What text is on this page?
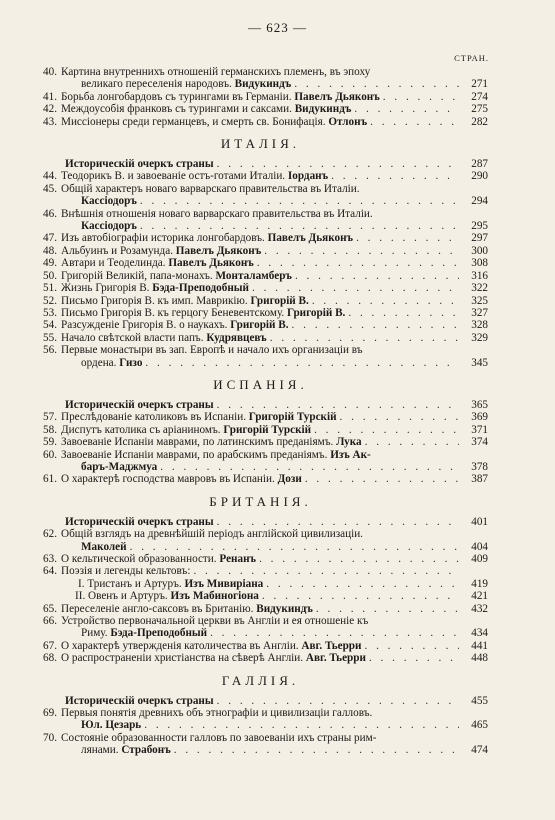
— 623 —
СТРАН.
40. Картина внутреннихъ отношеній германскихъ племенъ, въ эпоху
великаго переселенія народовъ. Видукиндъ . . .	271
41. Борьба лонгобардовъ съ турингами въ Германіи. Павелъ Дьяконъ . . .	274
42. Междоусобія франковъ съ турингами и саксами. Видукиндъ . . .	275
43. Миссіонеры среди германцевъ, и смерть св. Бонифація. Отлонъ . . .	282
ИТАЛІЯ.
Историческій очеркъ страны . . .	287
44. Теодорикъ В. и завоеваніе остъ-готами Италіи. Іорданъ . . .	290
45. Общій характеръ новаго варварскаго правительства въ Италіи.
Кассіодоръ . . .	294
46. Внѣшнія отношенія новаго варварскаго правительства въ Италіи.
Кассіодоръ . . .	295
47. Изъ автобіографіи историка лонгобардовъ. Павелъ Дьяконъ . . .	297
48. Альбуинъ и Розамунда. Павелъ Дьяконъ . . .	300
49. Автари и Теоделинда. Павелъ Дьяконъ . . .	308
50. Григорій Великій, папа-монахъ. Монталамберъ . . .	316
51. Жизнь Григорія В. Бэда-Преподобный . . .	322
52. Письмо Григорія В. къ имп. Маврикію. Григорій В. . . .	325
53. Письмо Григорія В. къ герцогу Беневентскому. Григорій В. . . .	327
54. Разсужденіе Григорія В. о наукахъ. Григорій В. . . .	328
55. Начало свѣтской власти папъ. Кудрявцевъ . . .	329
56. Первые монастыри въ зап. Европѣ и начало ихъ организаціи въ
ордена. Гизо . . .	345
ИСПАНІЯ.
Историческій очеркъ страны . . .	365
57. Преслѣдованіе католиковъ въ Испаніи. Григорій Турскій . . .	369
58. Диспутъ католика съ аріаниномъ. Григорій Турскій . . .	371
59. Завоеваніе Испаніи маврами, по латинскимъ преданіямъ. Лука . . .	374
60. Завоеваніе Испаніи маврами, по арабскимъ преданіямъ. Изъ Ак-
баръ-Маджмуа . . .	378
61. О характерѣ господства мавровъ въ Испаніи. Дози . . .	387
БРИТАНІЯ.
Историческій очеркъ страны . . .	401
62. Общій взглядъ на древнѣйшій періодъ англійской цивилизаціи.
Маколей . . .	404
63. О кельтической образованности. Ренанъ . . .	409
64. Поэзія и легенды кельтовъ:
. . .
I. Тристанъ и Артуръ. Изъ Мивиріана . . .	419
II. Овенъ и Артуръ. Изъ Мабиногіона . . .	421
65. Переселеніе англо-саксовъ въ Британію. Видукиндъ . . .	432
66. Устройство первоначальной церкви въ Англіи и ея отношеніе къ
Риму. Бэда-Преподобный . . .	434
67. О характерѣ утвержденія католичества въ Англіи. Авг. Тьерри . . .	441
68. О распространеніи христіанства на сѣверѣ Англіи. Авг. Тьерри . . .	448
ГАЛЛІЯ.
Историческій очеркъ страны . . .	455
69. Первыя понятія древнихъ объ этнографіи и цивилизаціи галловъ.
Юл. Цезарь . . .	465
70. Состояніе образованности галловъ по завоеваніи ихъ страны рим-
лянами. Страбонъ . . .	474
